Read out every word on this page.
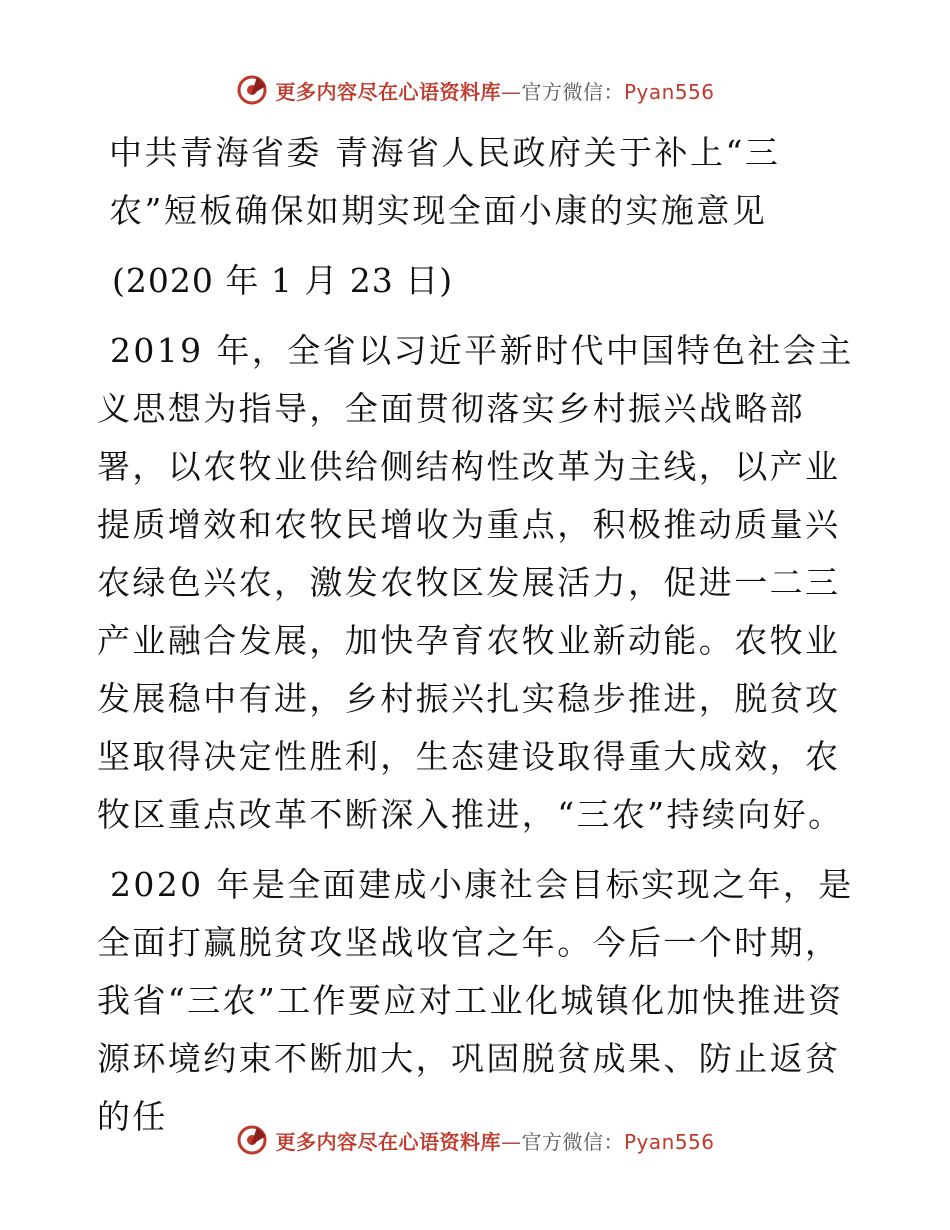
更多内容尽在心语资料库—官方微信：Pyan556
中共青海省委 青海省人民政府关于补上“三农”短板确保如期实现全面小康的实施意见

(2020 年 1 月 23 日)

2019 年，全省以习近平新时代中国特色社会主义思想为指导，全面贯彻落实乡村振兴战略部署，以农牧业供给侧结构性改革为主线，以产业提质增效和农牧民增收为重点，积极推动质量兴农绿色兴农，激发农牧区发展活力，促进一二三产业融合发展，加快孕育农牧业新动能。农牧业发展稳中有进，乡村振兴扎实稳步推进，脱贫攻坚取得决定性胜利，生态建设取得重大成效，农牧区重点改革不断深入推进，“三农”持续向好。

2020 年是全面建成小康社会目标实现之年，是全面打赢脱贫攻坚战收官之年。今后一个时期，我省“三农”工作要应对工业化城镇化加快推进资源环境约束不断加大，巩固脱贫成果、防止返贫的任

更多内容尽在心语资料库—官方微信：Pyan556
